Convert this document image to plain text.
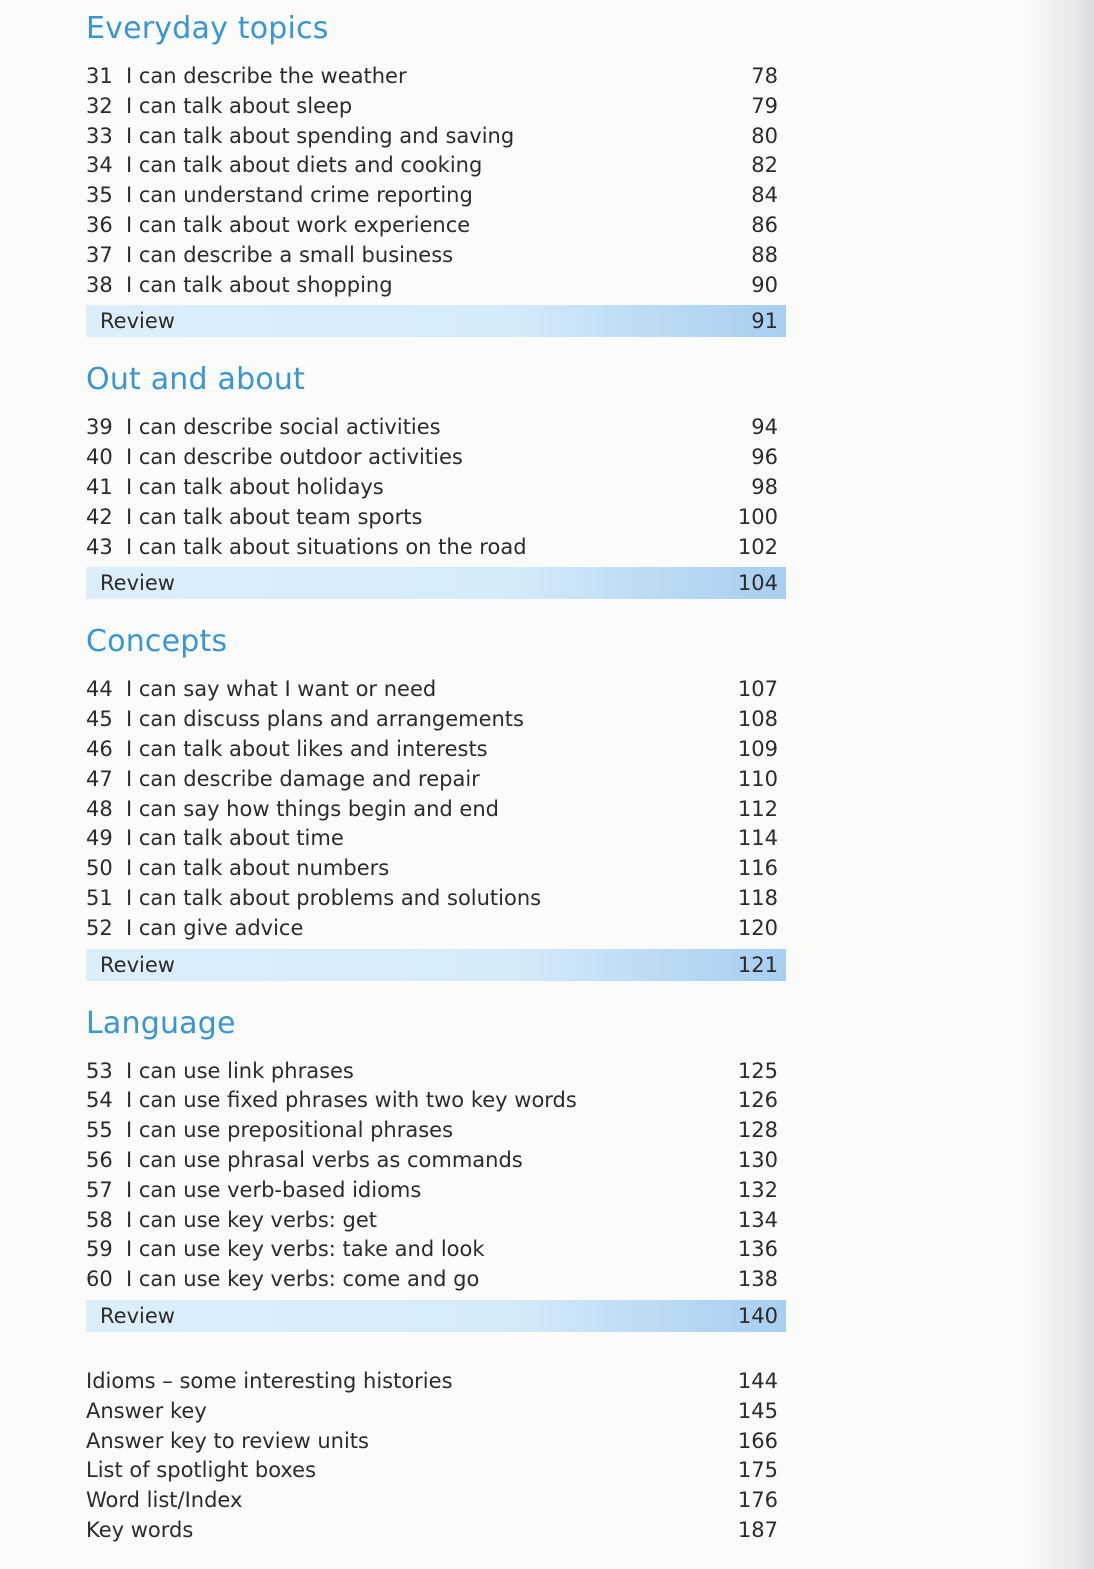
Everyday topics
31 I can describe the weather	78
32 I can talk about sleep	79
33 I can talk about spending and saving	80
34 I can talk about diets and cooking	82
35 I can understand crime reporting	84
36 I can talk about work experience	86
37 I can describe a small business	88
38 I can talk about shopping	90
Review	91
Out and about
39 I can describe social activities	94
40 I can describe outdoor activities	96
41 I can talk about holidays	98
42 I can talk about team sports	100
43 I can talk about situations on the road	102
Review	104
Concepts
44 I can say what I want or need	107
45 I can discuss plans and arrangements	108
46 I can talk about likes and interests	109
47 I can describe damage and repair	110
48 I can say how things begin and end	112
49 I can talk about time	114
50 I can talk about numbers	116
51 I can talk about problems and solutions	118
52 I can give advice	120
Review	121
Language
53 I can use link phrases	125
54 I can use fixed phrases with two key words	126
55 I can use prepositional phrases	128
56 I can use phrasal verbs as commands	130
57 I can use verb-based idioms	132
58 I can use key verbs: get	134
59 I can use key verbs: take and look	136
60 I can use key verbs: come and go	138
Review	140
Idioms – some interesting histories	144
Answer key	145
Answer key to review units	166
List of spotlight boxes	175
Word list/Index	176
Key words	187
